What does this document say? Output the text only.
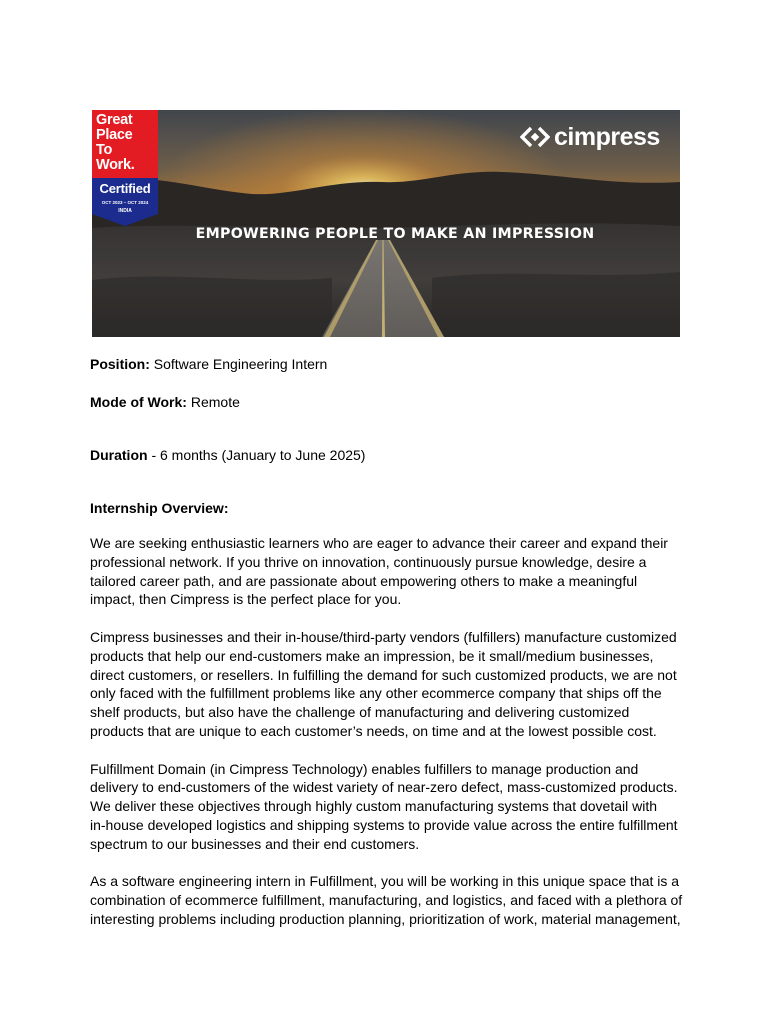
Great
Place
To
Work.
Certified
OCT 2023 – OCT 2024
INDIA
cimpress
EMPOWERING PEOPLE TO MAKE AN IMPRESSION

Position: Software Engineering Intern

Mode of Work: Remote

Duration - 6 months (January to June 2025)

Internship Overview:

We are seeking enthusiastic learners who are eager to advance their career and expand their
professional network. If you thrive on innovation, continuously pursue knowledge, desire a
tailored career path, and are passionate about empowering others to make a meaningful
impact, then Cimpress is the perfect place for you.

Cimpress businesses and their in-house/third-party vendors (fulfillers) manufacture customized
products that help our end-customers make an impression, be it small/medium businesses,
direct customers, or resellers. In fulfilling the demand for such customized products, we are not
only faced with the fulfillment problems like any other ecommerce company that ships off the
shelf products, but also have the challenge of manufacturing and delivering customized
products that are unique to each customer’s needs, on time and at the lowest possible cost.

Fulfillment Domain (in Cimpress Technology) enables fulfillers to manage production and
delivery to end-customers of the widest variety of near-zero defect, mass-customized products.
We deliver these objectives through highly custom manufacturing systems that dovetail with
in-house developed logistics and shipping systems to provide value across the entire fulfillment
spectrum to our businesses and their end customers.

As a software engineering intern in Fulfillment, you will be working in this unique space that is a
combination of ecommerce fulfillment, manufacturing, and logistics, and faced with a plethora of
interesting problems including production planning, prioritization of work, material management,
